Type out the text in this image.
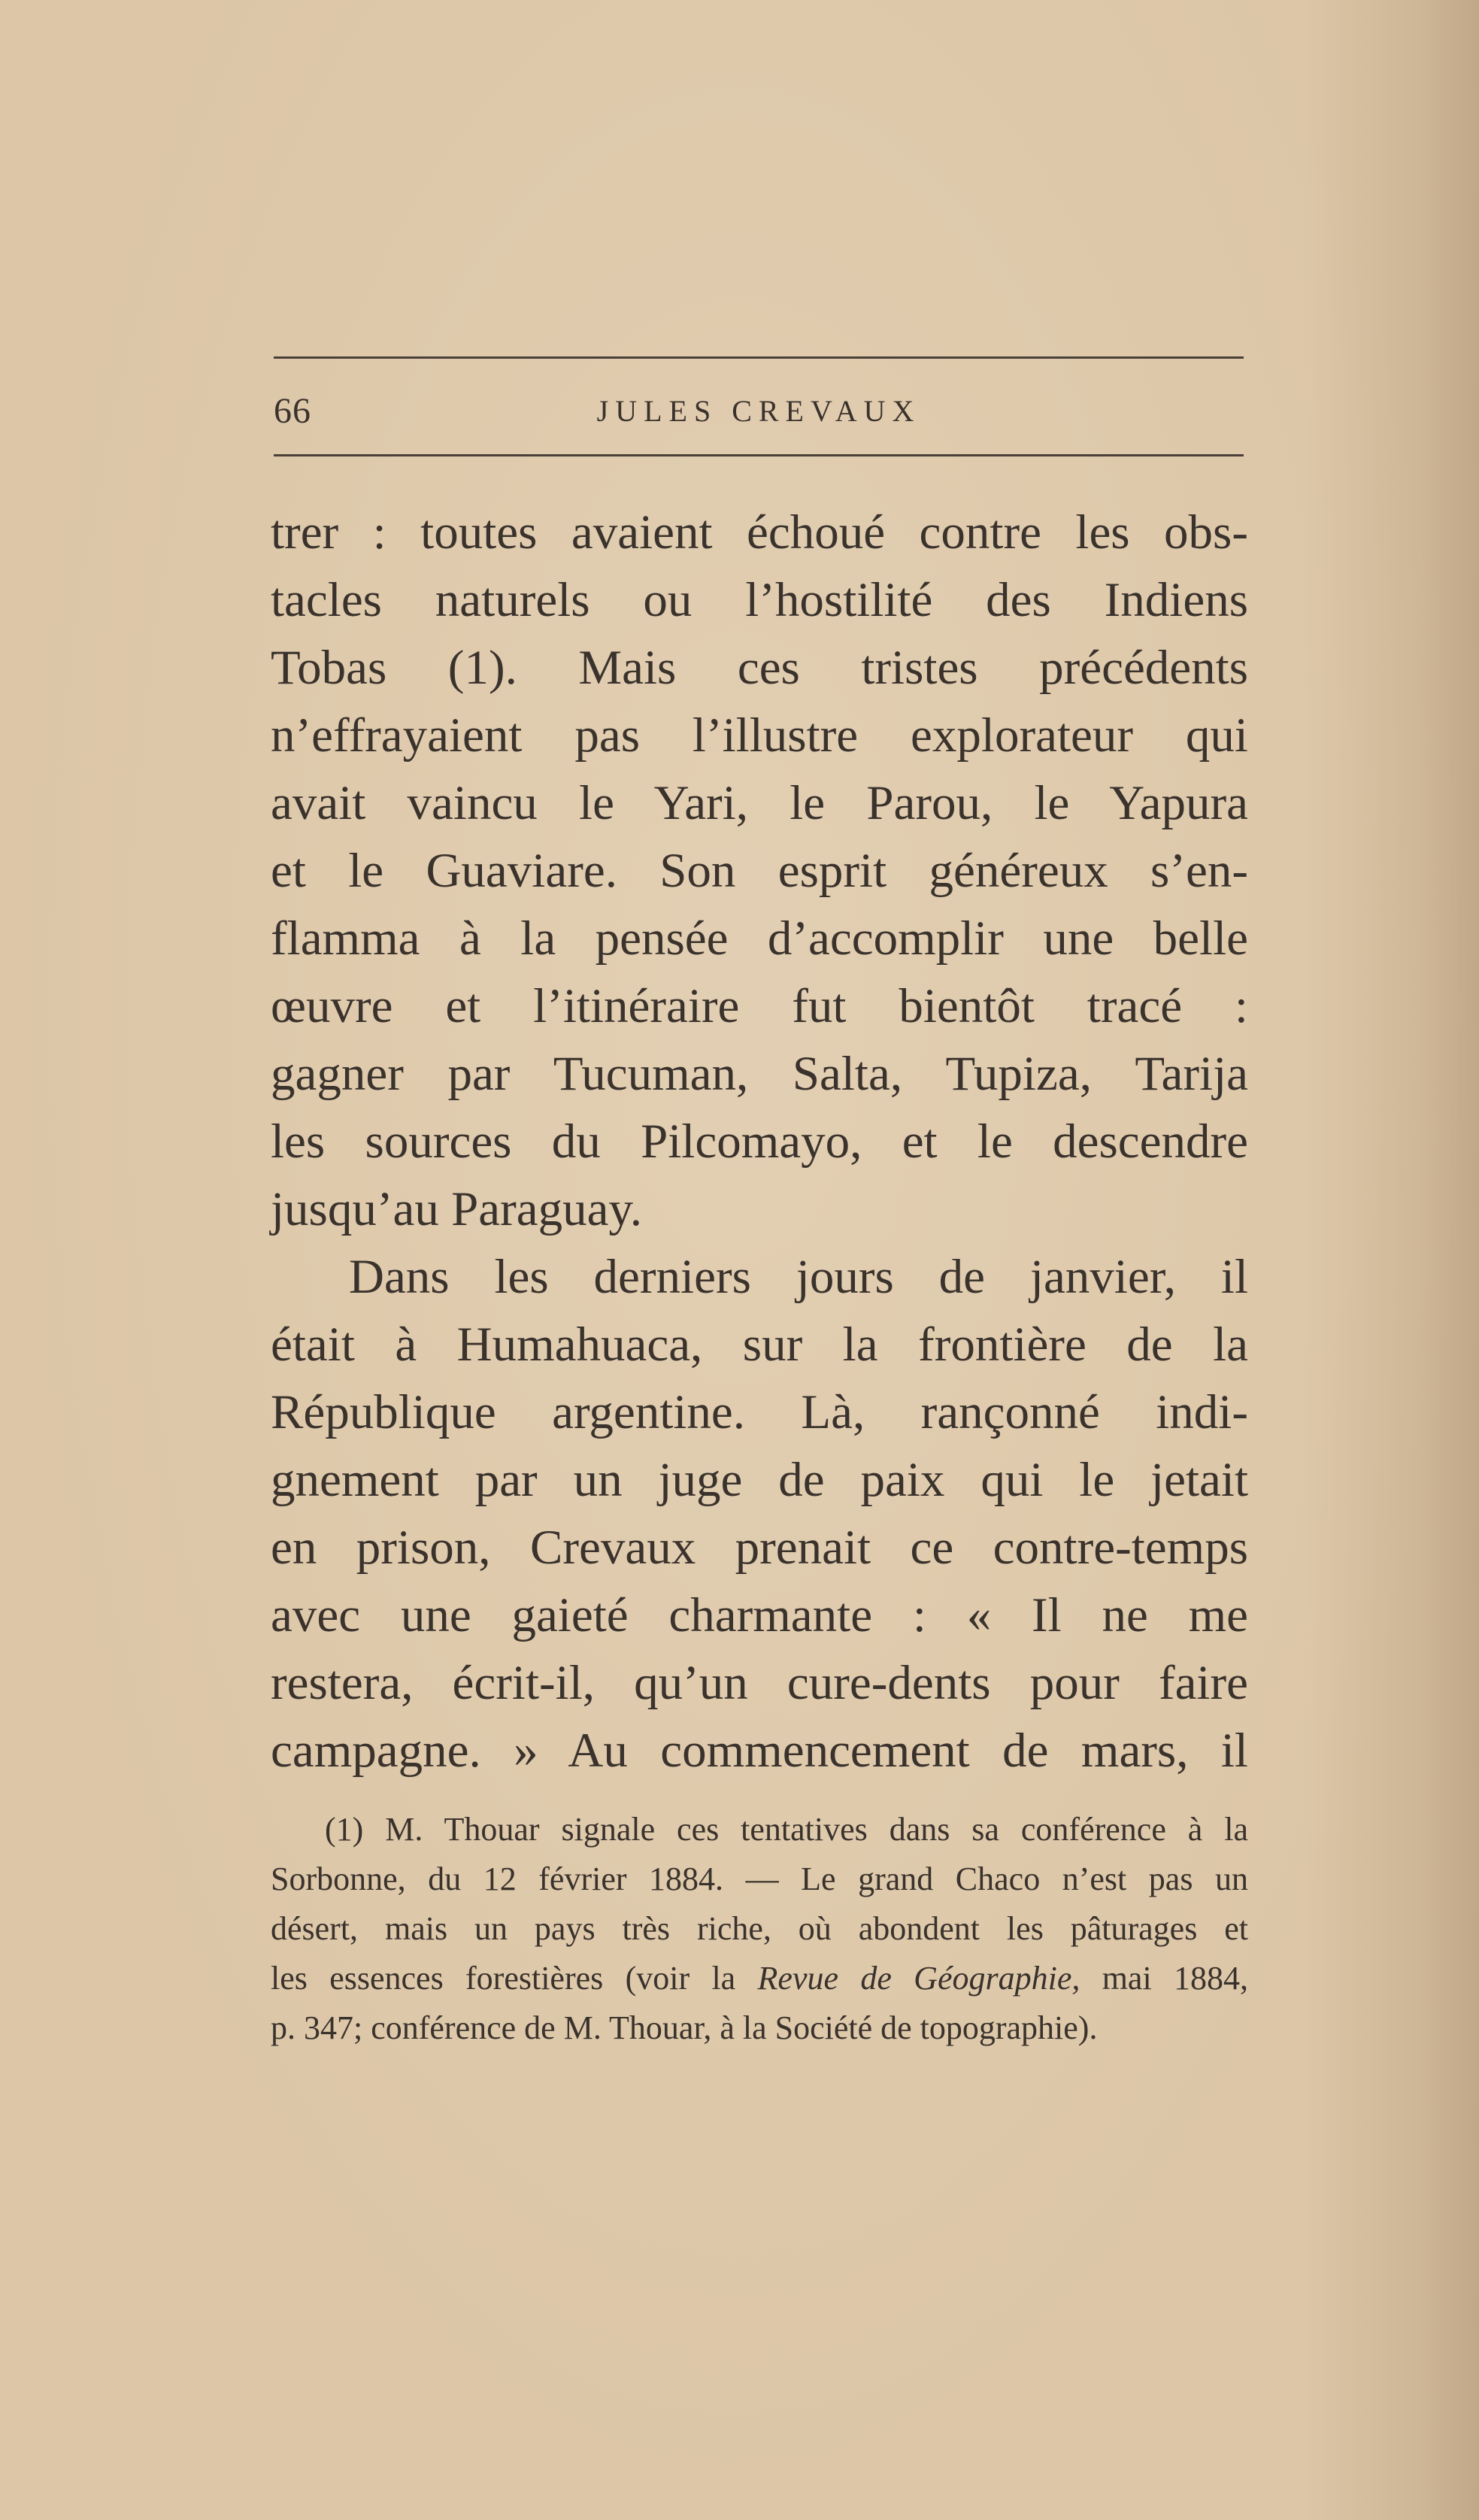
66	JULES CREVAUX
trer : toutes avaient échoué contre les obs-
tacles naturels ou l’hostilité des Indiens
Tobas (1). Mais ces tristes précédents
n’effrayaient pas l’illustre explorateur qui
avait vaincu le Yari, le Parou, le Yapura
et le Guaviare. Son esprit généreux s’en-
flamma à la pensée d’accomplir une belle
œuvre et l’itinéraire fut bientôt tracé :
gagner par Tucuman, Salta, Tupiza, Tarija
les sources du Pilcomayo, et le descendre
jusqu’au Paraguay.
Dans les derniers jours de janvier, il
était à Humahuaca, sur la frontière de la
République argentine. Là, rançonné indi-
gnement par un juge de paix qui le jetait
en prison, Crevaux prenait ce contre-temps
avec une gaieté charmante : « Il ne me
restera, écrit-il, qu’un cure-dents pour faire
campagne. » Au commencement de mars, il
(1) M. Thouar signale ces tentatives dans sa conférence à la
Sorbonne, du 12 février 1884. — Le grand Chaco n’est pas un
désert, mais un pays très riche, où abondent les pâturages et
les essences forestières (voir la Revue de Géographie, mai 1884,
p. 347; conférence de M. Thouar, à la Société de topographie).
